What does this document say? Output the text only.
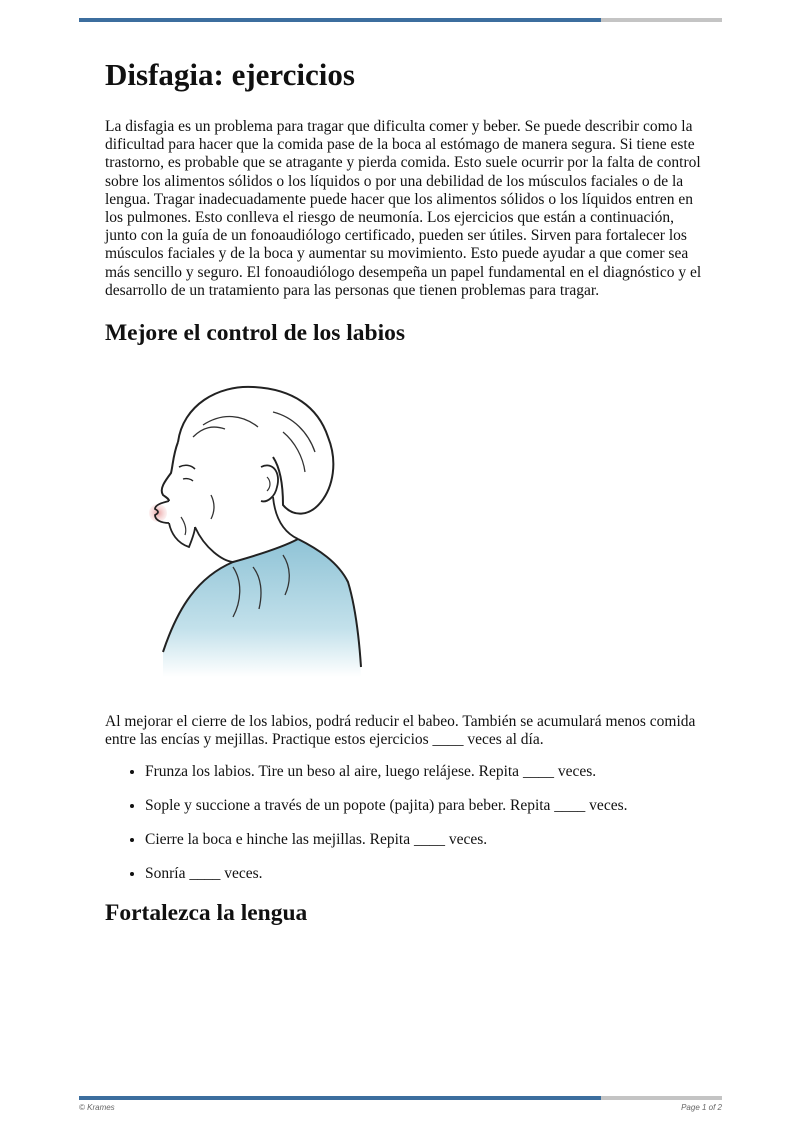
Disfagia: ejercicios

La disfagia es un problema para tragar que dificulta comer y beber. Se puede describir como la dificultad para hacer que la comida pase de la boca al estómago de manera segura. Si tiene este trastorno, es probable que se atragante y pierda comida. Esto suele ocurrir por la falta de control sobre los alimentos sólidos o los líquidos o por una debilidad de los músculos faciales o de la lengua. Tragar inadecuadamente puede hacer que los alimentos sólidos o los líquidos entren en los pulmones. Esto conlleva el riesgo de neumonía. Los ejercicios que están a continuación, junto con la guía de un fonoaudiólogo certificado, pueden ser útiles. Sirven para fortalecer los músculos faciales y de la boca y aumentar su movimiento. Esto puede ayudar a que comer sea más sencillo y seguro. El fonoaudiólogo desempeña un papel fundamental en el diagnóstico y el desarrollo de un tratamiento para las personas que tienen problemas para tragar.

Mejore el control de los labios

Al mejorar el cierre de los labios, podrá reducir el babeo. También se acumulará menos comida entre las encías y mejillas. Practique estos ejercicios ____ veces al día.

• Frunza los labios. Tire un beso al aire, luego relájese. Repita ____ veces.
• Sople y succione a través de un popote (pajita) para beber. Repita ____ veces.
• Cierre la boca e hinche las mejillas. Repita ____ veces.
• Sonría ____ veces.
Fortalezca la lengua
© Krames	Page 1 of 2
